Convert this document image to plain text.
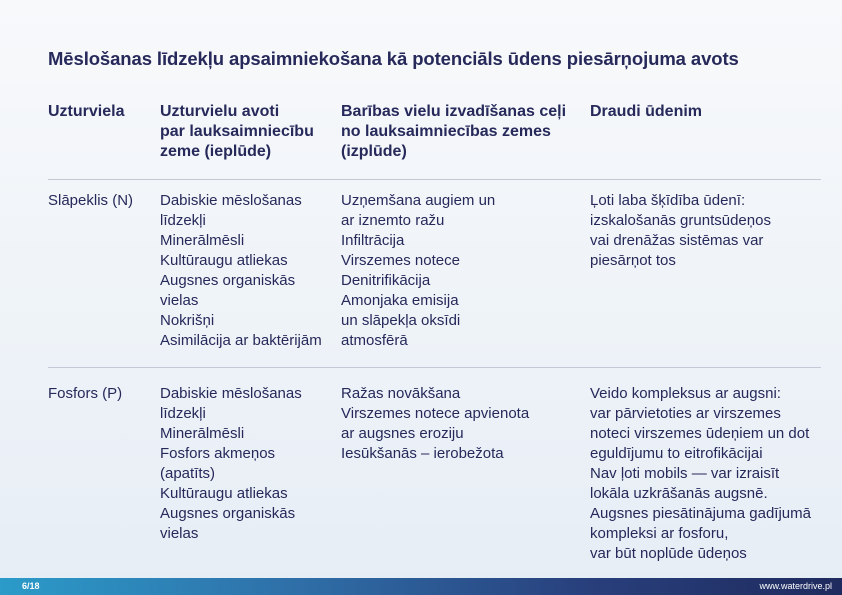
Mēslošanas līdzekļu apsaimniekošana kā potenciāls ūdens piesārņojuma avots
Uzturviela Uzturvielu avoti
par lauksaimniecību
zeme (ieplūde)
Barības vielu izvadīšanas ceļi
no lauksaimniecības zemes
(izplūde)
Draudi ūdenim
Slāpeklis (N) Dabiskie mēslošanas
līdzekļi
Minerālmēsli
Kultūraugu atliekas
Augsnes organiskās
vielas
Nokrišņi
Asimilācija ar baktērijām
Uzņemšana augiem un
ar iznemto ražu
Infiltrācija
Virszemes notece
Denitrifikācija
Amonjaka emisija
un slāpekļa oksīdi
atmosfērā
Ļoti laba šķīdība ūdenī:
izskalošanās gruntsūdeņos
vai drenāžas sistēmas var
piesārņot tos
Fosfors (P)	Dabiskie mēslošanas
līdzekļi
Minerālmēsli
Fosfors akmeņos
(apatīts)
Kultūraugu atliekas
Augsnes organiskās
vielas
Ražas novākšana
Virszemes notece apvienota
ar augsnes eroziju
Iesūkšanās – ierobežota
Veido kompleksus ar augsni:
var pārvietoties ar virszemes
noteci virszemes ūdeņiem un dot
eguldījumu to eitrofikācijai
Nav ļoti mobils — var izraisīt
lokāla uzkrāšanās augsnē.
Augsnes piesātinājuma gadījumā
kompleksi ar fosforu,
var būt noplūde ūdeņos
6/18	www.waterdrive.pl
